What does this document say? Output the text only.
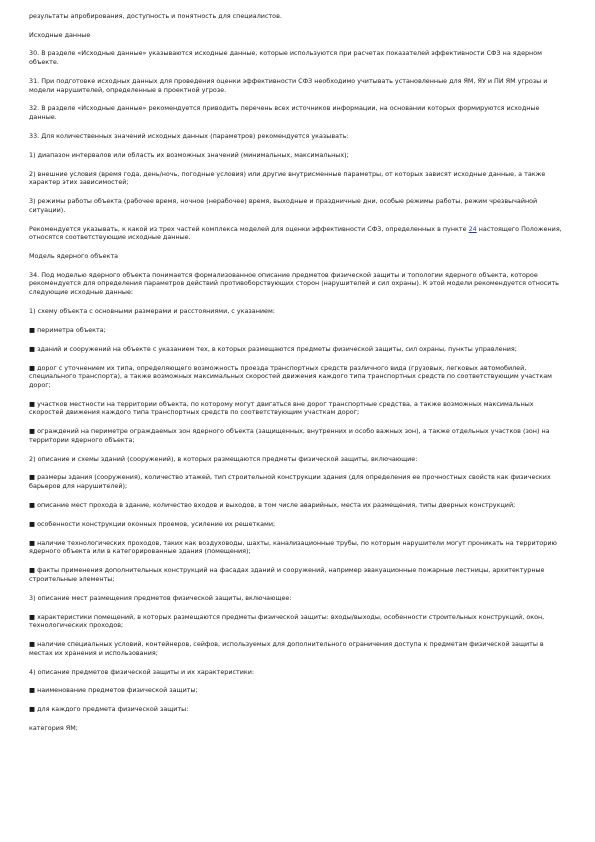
результаты апробирования, доступность и понятность для специалистов.

Исходные данные

30. В разделе «Исходные данные» указываются исходные данные, которые используются при расчетах показателей эффективности СФЗ на ядерном объекте.

31. При подготовке исходных данных для проведения оценки эффективности СФЗ необходимо учитывать установленные для ЯМ, ЯУ и ПИ ЯМ угрозы и модели нарушителей, определенные в проектной угрозе.

32. В разделе «Исходные данные» рекомендуется приводить перечень всех источников информации, на основании которых формируются исходные данные.

33. Для количественных значений исходных данных (параметров) рекомендуется указывать:

1) диапазон интервалов или область их возможных значений (минимальных, максимальных);

2) внешние условия (время года, день/ночь, погодные условия) или другие внутрисменные параметры, от которых зависят исходные данные, а также характер этих зависимостей;

3) режимы работы объекта (рабочее время, ночное (нерабочее) время, выходные и праздничные дни, особые режимы работы, режим чрезвычайной ситуации).

Рекомендуется указывать, к какой из трех частей комплекса моделей для оценки эффективности СФЗ, определенных в пункте 24 настоящего Положения, относятся соответствующие исходные данные.

Модель ядерного объекта

34. Под моделью ядерного объекта понимается формализованное описание предметов физической защиты и топологии ядерного объекта, которое рекомендуется для определения параметров действий противоборствующих сторон (нарушителей и сил охраны). К этой модели рекомендуется относить следующие исходные данные:

1) схему объекта с основными размерами и расстояниями, с указанием:

■ периметра объекта;

■ зданий и сооружений на объекте с указанием тех, в которых размещаются предметы физической защиты, сил охраны, пункты управления;

■ дорог с уточнением их типа, определяющего возможность проезда транспортных средств различного вида (грузовых, легковых автомобилей, специального транспорта), а также возможных максимальных скоростей движения каждого типа транспортных средств по соответствующим участкам дорог;

■ участков местности на территории объекта, по которому могут двигаться вне дорог транспортные средства, а также возможных максимальных скоростей движения каждого типа транспортных средств по соответствующим участкам дорог;

■ ограждений на периметре ограждаемых зон ядерного объекта (защищенных, внутренних и особо важных зон), а также отдельных участков (зон) на территории ядерного объекта;

2) описание и схемы зданий (сооружений), в которых размещаются предметы физической защиты, включающие:

■ размеры здания (сооружения), количество этажей, тип строительной конструкции здания (для определения ее прочностных свойств как физических барьеров для нарушителей);

■ описание мест прохода в здание, количество входов и выходов, в том числе аварийных, места их размещения, типы дверных конструкций;

■ особенности конструкции оконных проемов, усиление их решетками;

■ наличие технологических проходов, таких как воздуховоды, шахты, канализационные трубы, по которым нарушители могут проникать на территорию ядерного объекта или в категорированные здания (помещения);

■ факты применения дополнительных конструкций на фасадах зданий и сооружений, например эвакуационные пожарные лестницы, архитектурные строительные элементы;

3) описание мест размещения предметов физической защиты, включающее:

■ характеристики помещений, в которых размещаются предметы физической защиты: входы/выходы, особенности строительных конструкций, окон, технологических проходов;

■ наличие специальных условий, контейнеров, сейфов, используемых для дополнительного ограничения доступа к предметам физической защиты в местах их хранения и использования;

4) описание предметов физической защиты и их характеристики:

■ наименование предметов физической защиты;

■ для каждого предмета физической защиты:

категория ЯМ;
